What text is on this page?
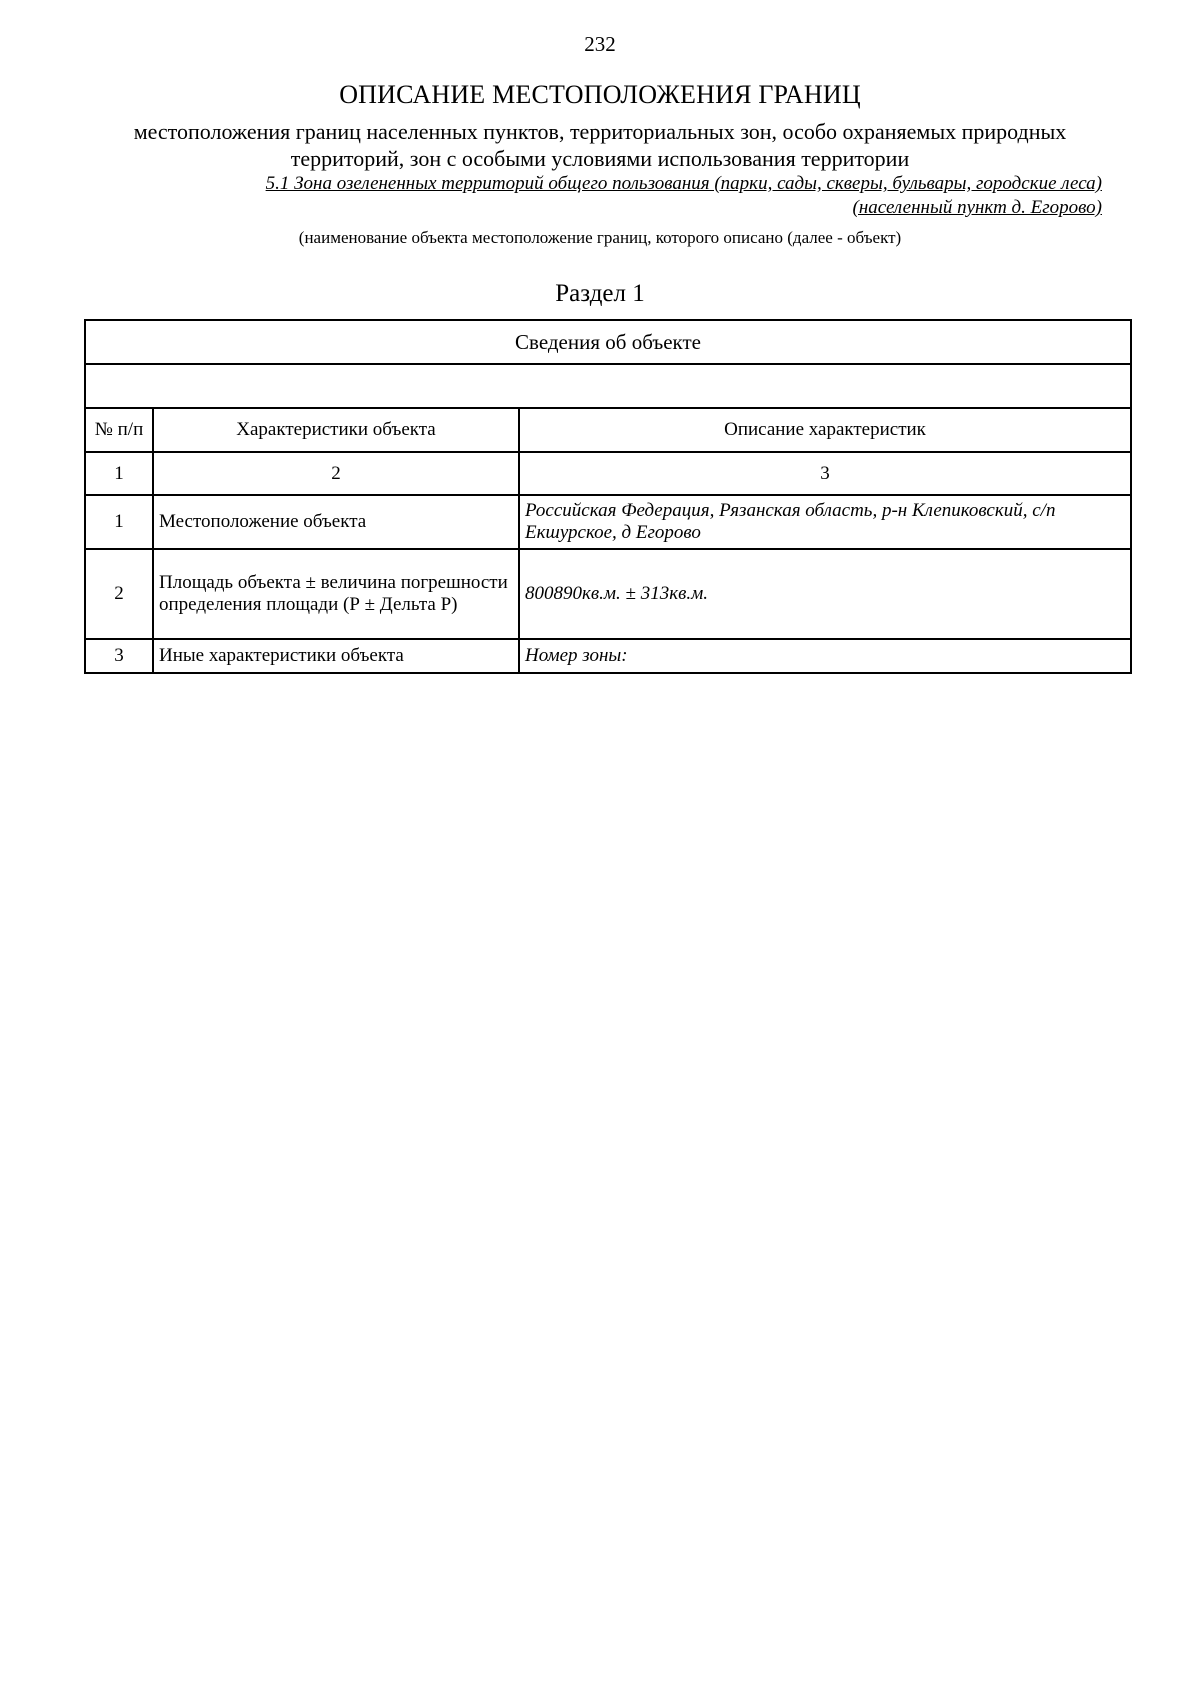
232
ОПИСАНИЕ МЕСТОПОЛОЖЕНИЯ ГРАНИЦ
местоположения границ населенных пунктов, территориальных зон, особо охраняемых природных территорий, зон с особыми условиями использования территории
5.1 Зона озелененных территорий общего пользования (парки, сады, скверы, бульвары, городские леса)
(населенный пункт д. Егорово)
(наименование объекта местоположение границ, которого описано (далее - объект)
Раздел 1
Сведения об объекте		

№ п/п	Характеристики объекта	Описание характеристик
1	2	3
1	Местоположение объекта	Российская Федерация, Рязанская область, р-н Клепиковский, с/п Екшурское, д Егорово
2	Площадь объекта ± величина погрешности определения площади (Р ± Дельта Р)	800890кв.м. ± 313кв.м.
3	Иные характеристики объекта	Номер зоны:
